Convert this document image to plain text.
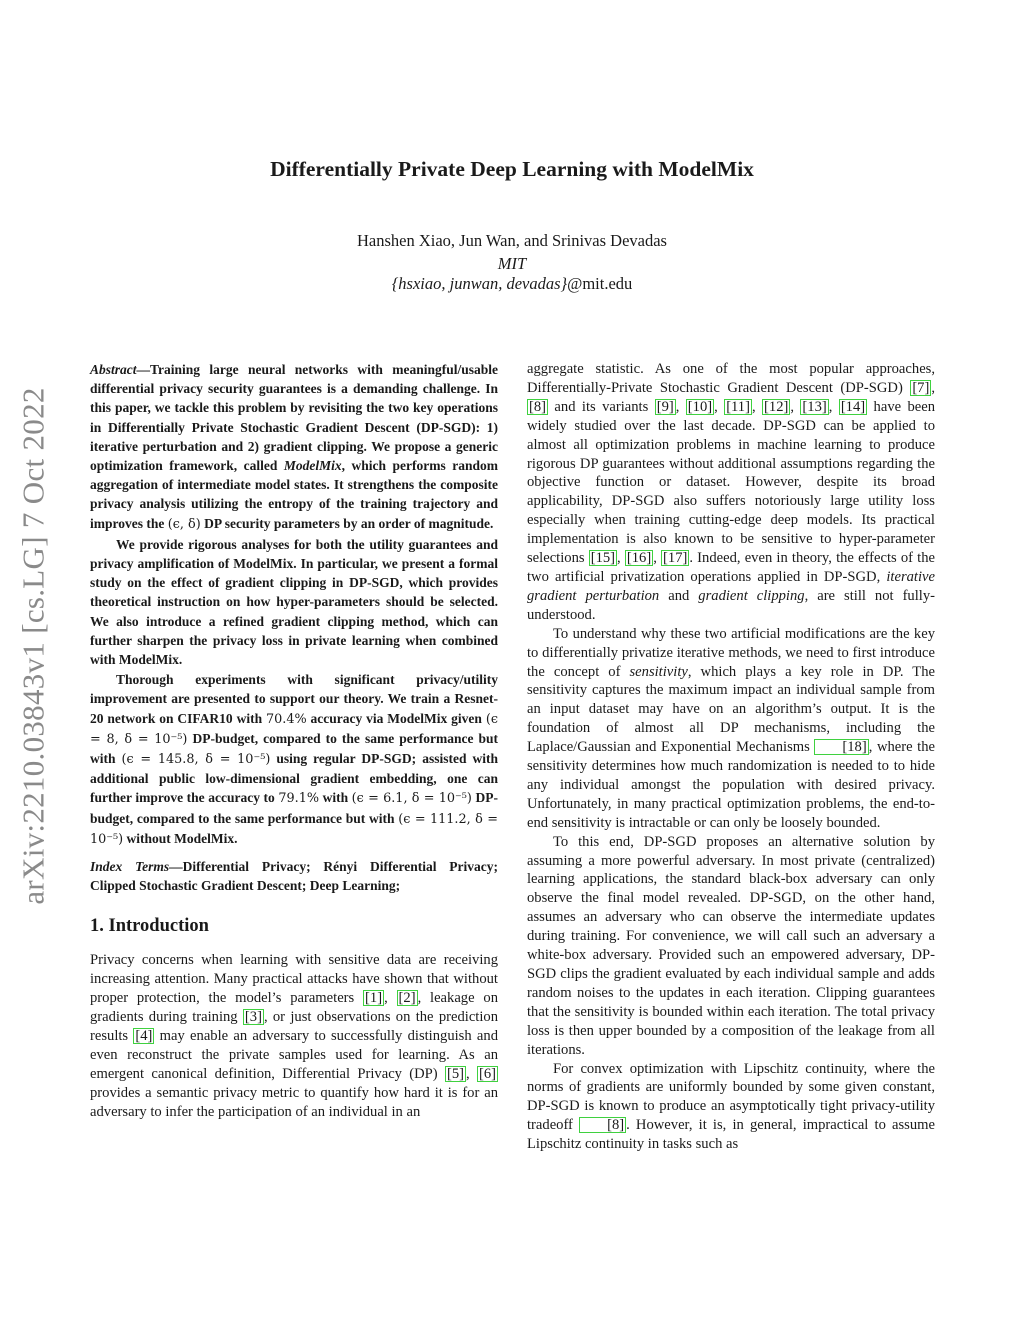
arXiv:2210.03843v1 [cs.LG] 7 Oct 2022
Differentially Private Deep Learning with ModelMix
Hanshen Xiao, Jun Wan, and Srinivas Devadas
MIT
{hsxiao, junwan, devadas}@mit.edu

Abstract—Training large neural networks with meaningful/usable differential privacy security guarantees is a demanding challenge. In this paper, we tackle this problem by revisiting the two key operations in Differentially Private Stochastic Gradient Descent (DP-SGD): 1) iterative perturbation and 2) gradient clipping. We propose a generic optimization framework, called ModelMix, which performs random aggregation of intermediate model states. It strengthens the composite privacy analysis utilizing the entropy of the training trajectory and improves the (ϵ, δ) DP security parameters by an order of magnitude.

We provide rigorous analyses for both the utility guarantees and privacy amplification of ModelMix. In particular, we present a formal study on the effect of gradient clipping in DP-SGD, which provides theoretical instruction on how hyper-parameters should be selected. We also introduce a refined gradient clipping method, which can further sharpen the privacy loss in private learning when combined with ModelMix.

Thorough experiments with significant privacy/utility improvement are presented to support our theory. We train a Resnet-20 network on CIFAR10 with 70.4% accuracy via ModelMix given (ϵ = 8, δ = 10⁻⁵) DP-budget, compared to the same performance but with (ϵ = 145.8, δ = 10⁻⁵) using regular DP-SGD; assisted with additional public low-dimensional gradient embedding, one can further improve the accuracy to 79.1% with (ϵ = 6.1, δ = 10⁻⁵) DP-budget, compared to the same performance but with (ϵ = 111.2, δ = 10⁻⁵) without ModelMix.

Index Terms—Differential Privacy; Rényi Differential Privacy; Clipped Stochastic Gradient Descent; Deep Learning;

1. Introduction

Privacy concerns when learning with sensitive data are receiving increasing attention. Many practical attacks have shown that without proper protection, the model’s parameters [1] , [2] , leakage on gradients during training [3] , or just observations on the prediction results [4] may enable an adversary to successfully distinguish and even reconstruct the private samples used for learning. As an emergent canonical definition, Differential Privacy (DP) [5] , [6] provides a semantic privacy metric to quantify how hard it is for an adversary to infer the participation of an individual in an

aggregate statistic. As one of the most popular approaches, Differentially-Private Stochastic Gradient Descent (DP-SGD) [7] , [8] and its variants [9] , [10] , [11] , [12] , [13] , [14] have been widely studied over the last decade. DP-SGD can be applied to almost all optimization problems in machine learning to produce rigorous DP guarantees without additional assumptions regarding the objective function or dataset. However, despite its broad applicability, DP-SGD also suffers notoriously large utility loss especially when training cutting-edge deep models. Its practical implementation is also known to be sensitive to hyper-parameter selections [15] , [16] , [17] . Indeed, even in theory, the effects of the two artificial privatization operations applied in DP-SGD, iterative gradient perturbation and gradient clipping, are still not fully-understood.

To understand why these two artificial modifications are the key to differentially privatize iterative methods, we need to first introduce the concept of sensitivity, which plays a key role in DP. The sensitivity captures the maximum impact an individual sample from an input dataset may have on an algorithm’s output. It is the foundation of almost all DP mechanisms, including the Laplace/Gaussian and Exponential Mechanisms [18] , where the sensitivity determines how much randomization is needed to to hide any individual amongst the population with desired privacy. Unfortunately, in many practical optimization problems, the end-to-end sensitivity is intractable or can only be loosely bounded.

To this end, DP-SGD proposes an alternative solution by assuming a more powerful adversary. In most private (centralized) learning applications, the standard black-box adversary can only observe the final model revealed. DP-SGD, on the other hand, assumes an adversary who can observe the intermediate updates during training. For convenience, we will call such an adversary a white-box adversary. Provided such an empowered adversary, DP-SGD clips the gradient evaluated by each individual sample and adds random noises to the updates in each iteration. Clipping guarantees that the sensitivity is bounded within each iteration. The total privacy loss is then upper bounded by a composition of the leakage from all iterations.

For convex optimization with Lipschitz continuity, where the norms of gradients are uniformly bounded by some given constant, DP-SGD is known to produce an asymptotically tight privacy-utility tradeoff [8] . However, it is, in general, impractical to assume Lipschitz continuity in tasks such as
